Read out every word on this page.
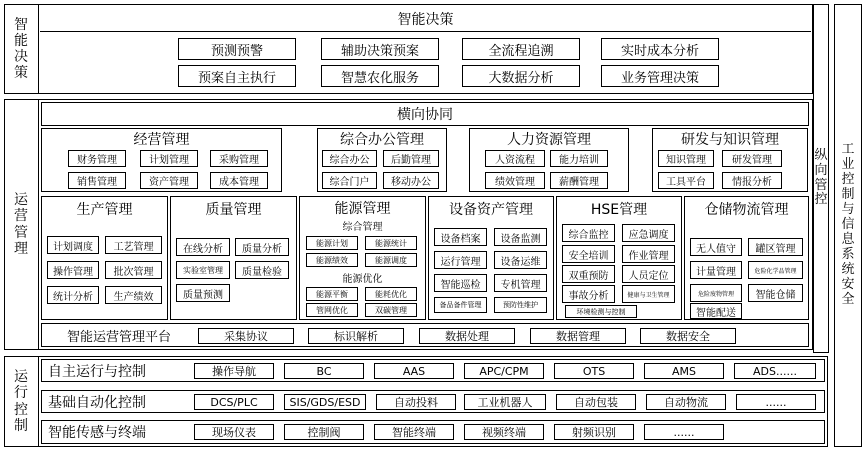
智
能
决
策
运
营
管
理
运
行
控
制
纵
向
管
控
工
业
控
制
与
信
息
系
统
安
全
智能决策
预测预警	辅助决策预案	全流程追溯	实时成本分析
预案自主执行	智慧农化服务	大数据分析	业务管理决策
横向协同
经营管理
财务管理	计划管理	采购管理
销售管理	资产管理	成本管理
综合办公管理
综合办公	后勤管理
综合门户	移动办公
人力资源管理
人资流程	能力培训
绩效管理	薪酬管理
研发与知识管理
知识管理	研发管理
工具平台	情报分析
生产管理
计划调度	工艺管理
操作管理	批次管理
统计分析	生产绩效
质量管理
在线分析	质量分析
实验室管理	质量检验
质量预测
能源管理
综合管理
能源计划	能源统计
能源绩效	能源调度
能源优化
能源平衡	能耗优化
管网优化	双碳管理
设备资产管理
设备档案	设备监测
运行管理	设备运维
智能巡检	专机管理
备品备件管理	预防性维护
HSE管理
综合监控	应急调度
安全培训	作业管理
双重预防	人员定位
事故分析	健康与卫生管理
环境检测与控制
仓储物流管理
无人值守	罐区管理
计量管理	危险化学品管理
危险废物管理	智能仓储
智能配送
智能运营管理平台	采集协议	标识解析	数据处理	数据管理	数据安全
自主运行与控制	操作导航	BC	AAS	APC/CPM	OTS	AMS	ADS......
基础自动化控制	DCS/PLC	SIS/GDS/ESD	自动投料	工业机器人	自动包装	自动物流	......
智能传感与终端	现场仪表	控制阀	智能终端	视频终端	射频识别	......
